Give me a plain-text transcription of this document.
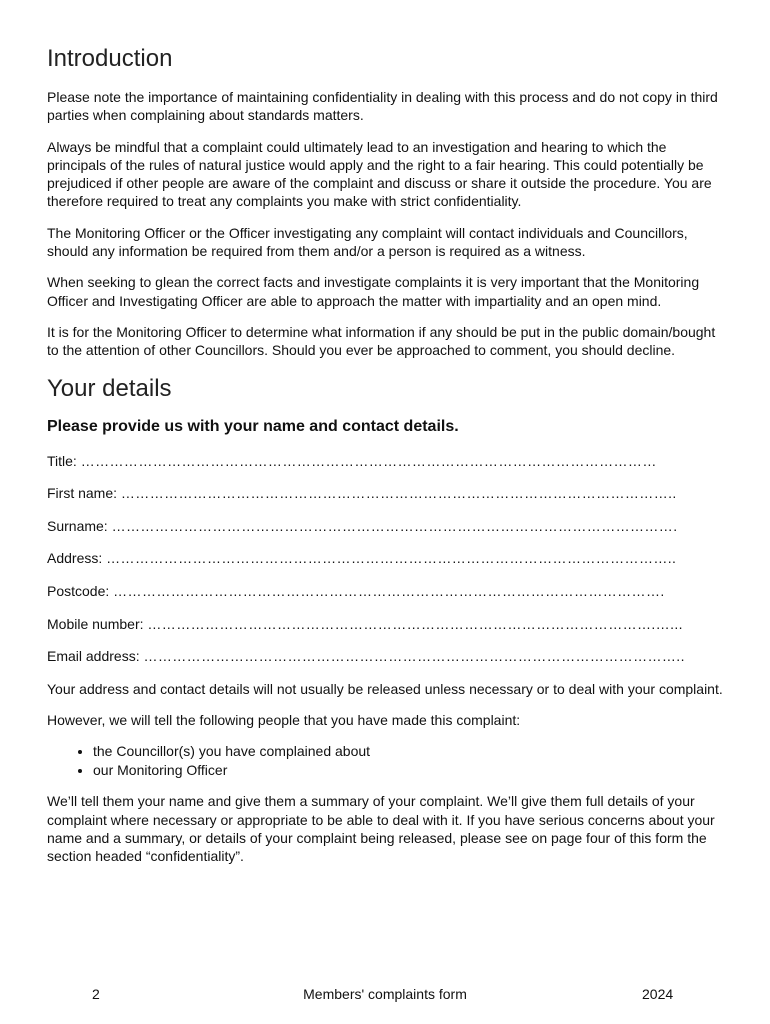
Introduction

Please note the importance of maintaining confidentiality in dealing with this process and do not copy in third parties when complaining about standards matters.

Always be mindful that a complaint could ultimately lead to an investigation and hearing to which the principals of the rules of natural justice would apply and the right to a fair hearing. This could potentially be prejudiced if other people are aware of the complaint and discuss or share it outside the procedure. You are therefore required to treat any complaints you make with strict confidentiality.

The Monitoring Officer or the Officer investigating any complaint will contact individuals and Councillors, should any information be required from them and/or a person is required as a witness.

When seeking to glean the correct facts and investigate complaints it is very important that the Monitoring Officer and Investigating Officer are able to approach the matter with impartiality and an open mind.

It is for the Monitoring Officer to determine what information if any should be put in the public domain/bought to the attention of other Councillors. Should you ever be approached to comment, you should decline.

Your details
Please provide us with your name and contact details.
Title: …………………………………………………………………………………………………………
First name: ……………………………………………………………………………………………………..
Surname: ……………………………………………………………………………………………………….
Address: ………………………………………………………………………………………………………..
Postcode: …………………………………………………………………………………………………….
Mobile number: …………………………………………………………………………………………….…...
Email address: …………………………………………………………………………………………………..

Your address and contact details will not usually be released unless necessary or to deal with your complaint.

However, we will tell the following people that you have made this complaint:

• the Councillor(s) you have complained about
• our Monitoring Officer

We’ll tell them your name and give them a summary of your complaint. We’ll give them full details of your complaint where necessary or appropriate to be able to deal with it. If you have serious concerns about your name and a summary, or details of your complaint being released, please see on page four of this form the section headed “confidentiality”.

2	Members' complaints form	2024
